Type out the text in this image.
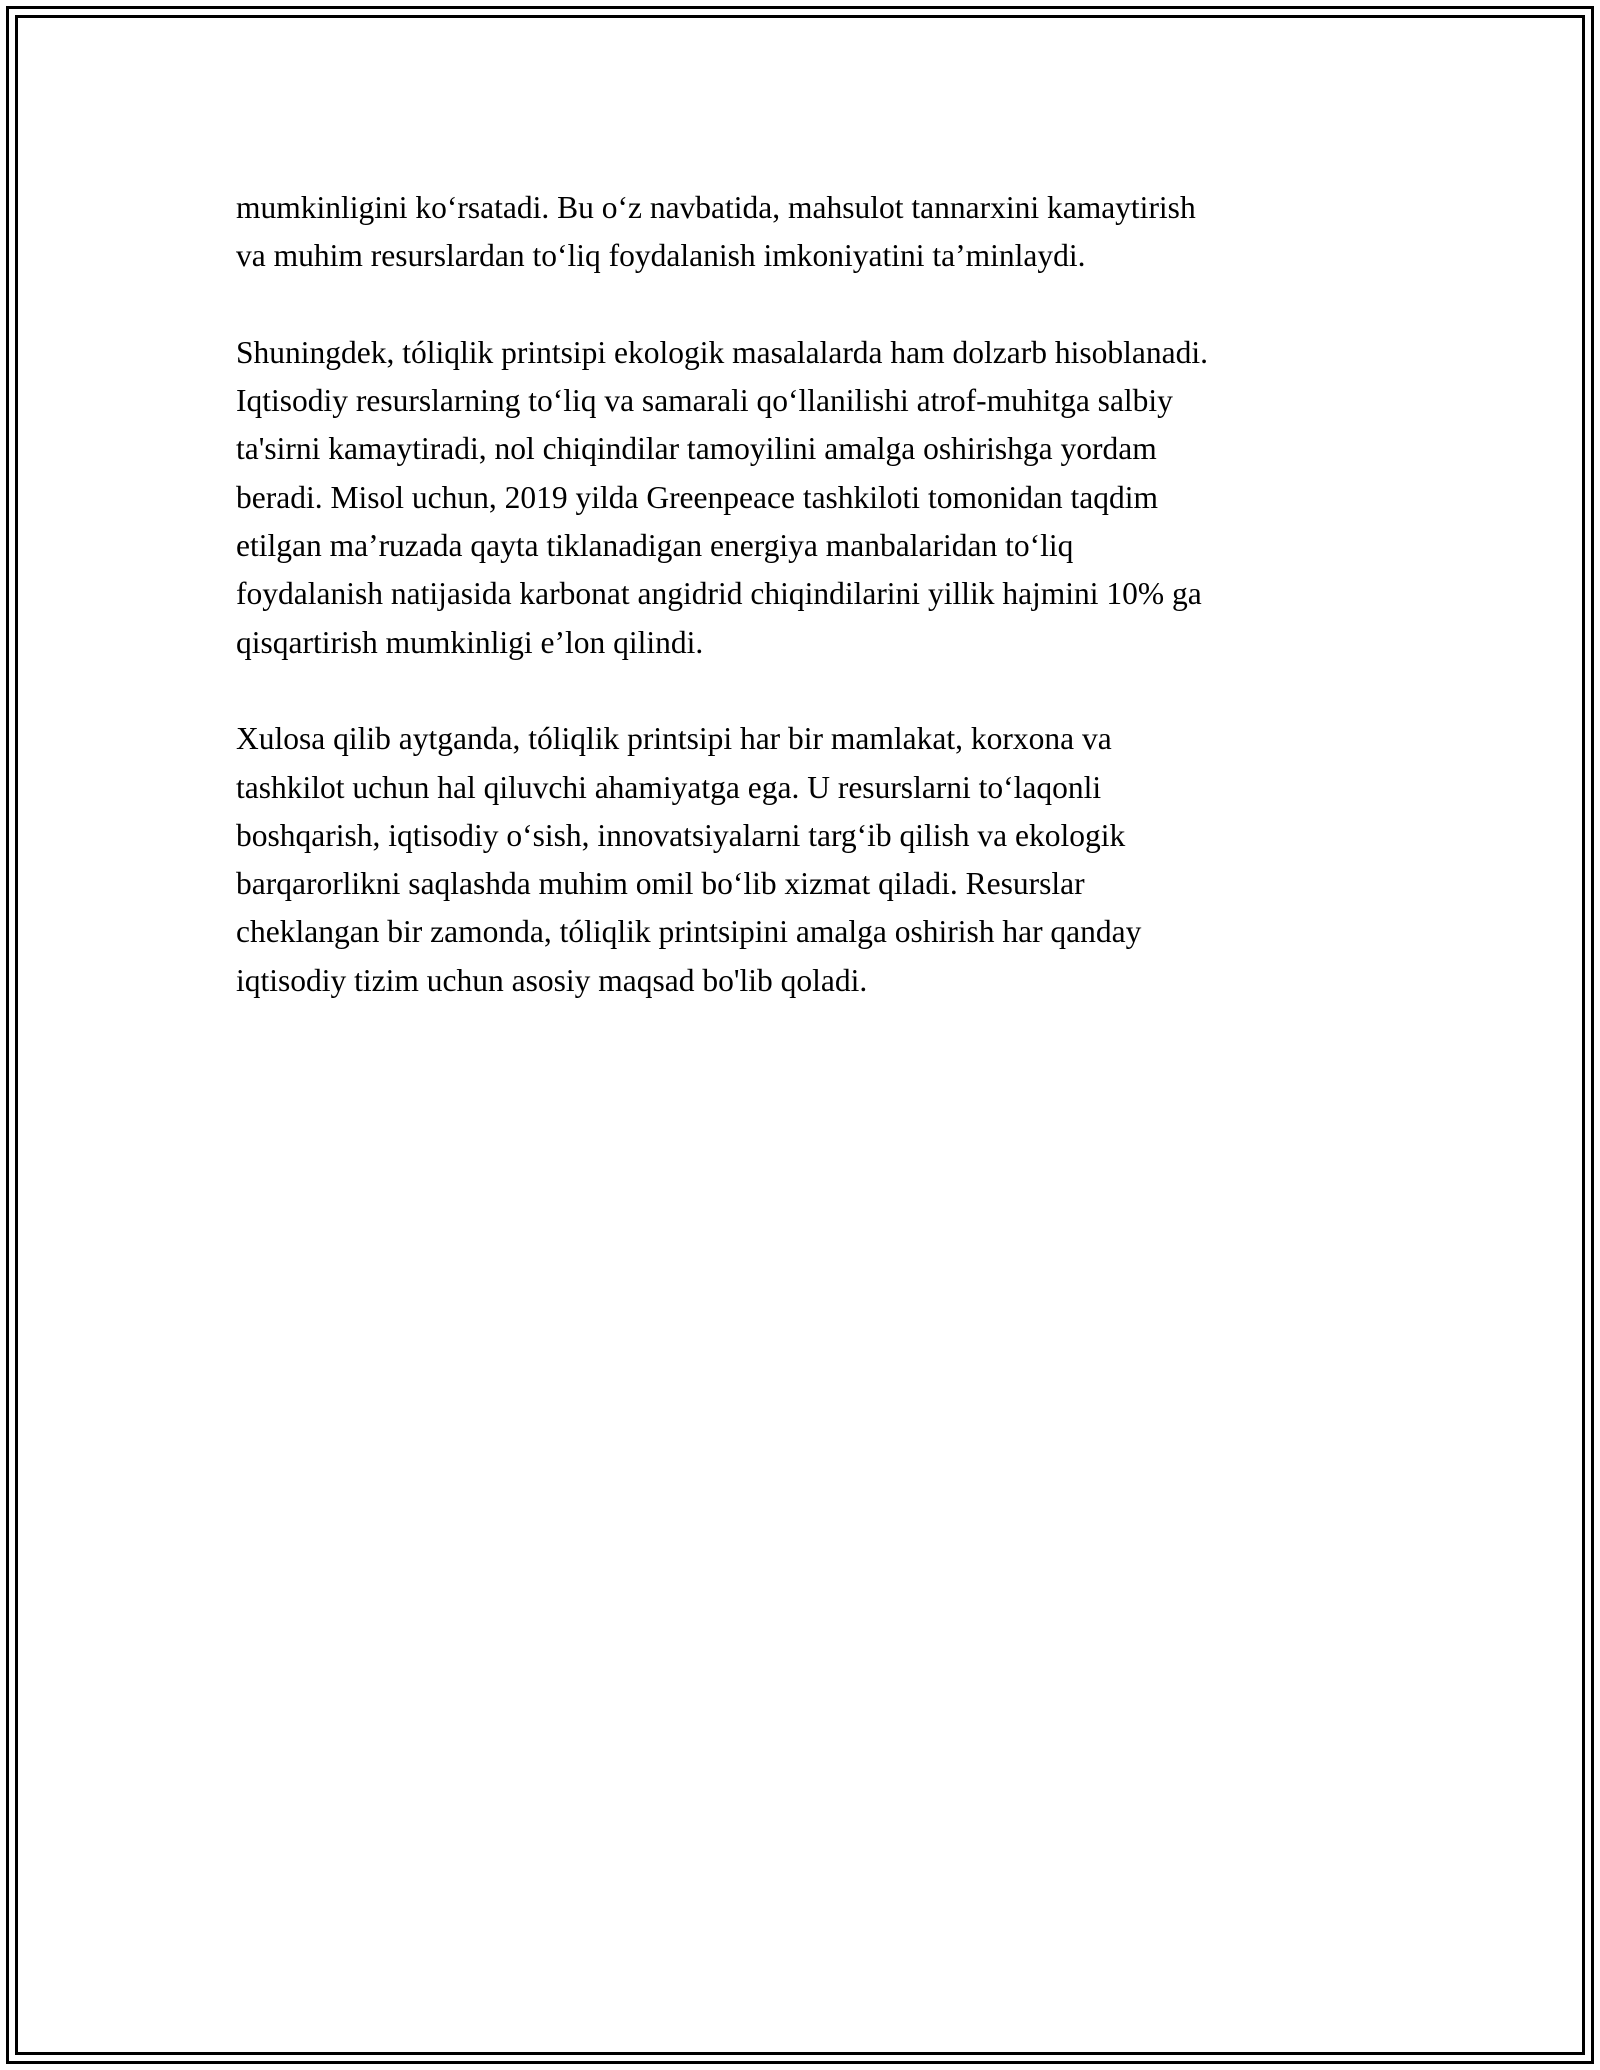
mumkinligini ko‘rsatadi. Bu o‘z navbatida, mahsulot tannarxini kamaytirish
va muhim resurslardan to‘liq foydalanish imkoniyatini ta’minlaydi.

Shuningdek, tóliqlik printsipi ekologik masalalarda ham dolzarb hisoblanadi.
Iqtisodiy resurslarning to‘liq va samarali qo‘llanilishi atrof-muhitga salbiy
ta'sirni kamaytiradi, nol chiqindilar tamoyilini amalga oshirishga yordam
beradi. Misol uchun, 2019 yilda Greenpeace tashkiloti tomonidan taqdim
etilgan ma’ruzada qayta tiklanadigan energiya manbalaridan to‘liq
foydalanish natijasida karbonat angidrid chiqindilarini yillik hajmini 10% ga
qisqartirish mumkinligi e’lon qilindi.

Xulosa qilib aytganda, tóliqlik printsipi har bir mamlakat, korxona va
tashkilot uchun hal qiluvchi ahamiyatga ega. U resurslarni to‘laqonli
boshqarish, iqtisodiy o‘sish, innovatsiyalarni targ‘ib qilish va ekologik
barqarorlikni saqlashda muhim omil bo‘lib xizmat qiladi. Resurslar
cheklangan bir zamonda, tóliqlik printsipini amalga oshirish har qanday
iqtisodiy tizim uchun asosiy maqsad bo'lib qoladi.
